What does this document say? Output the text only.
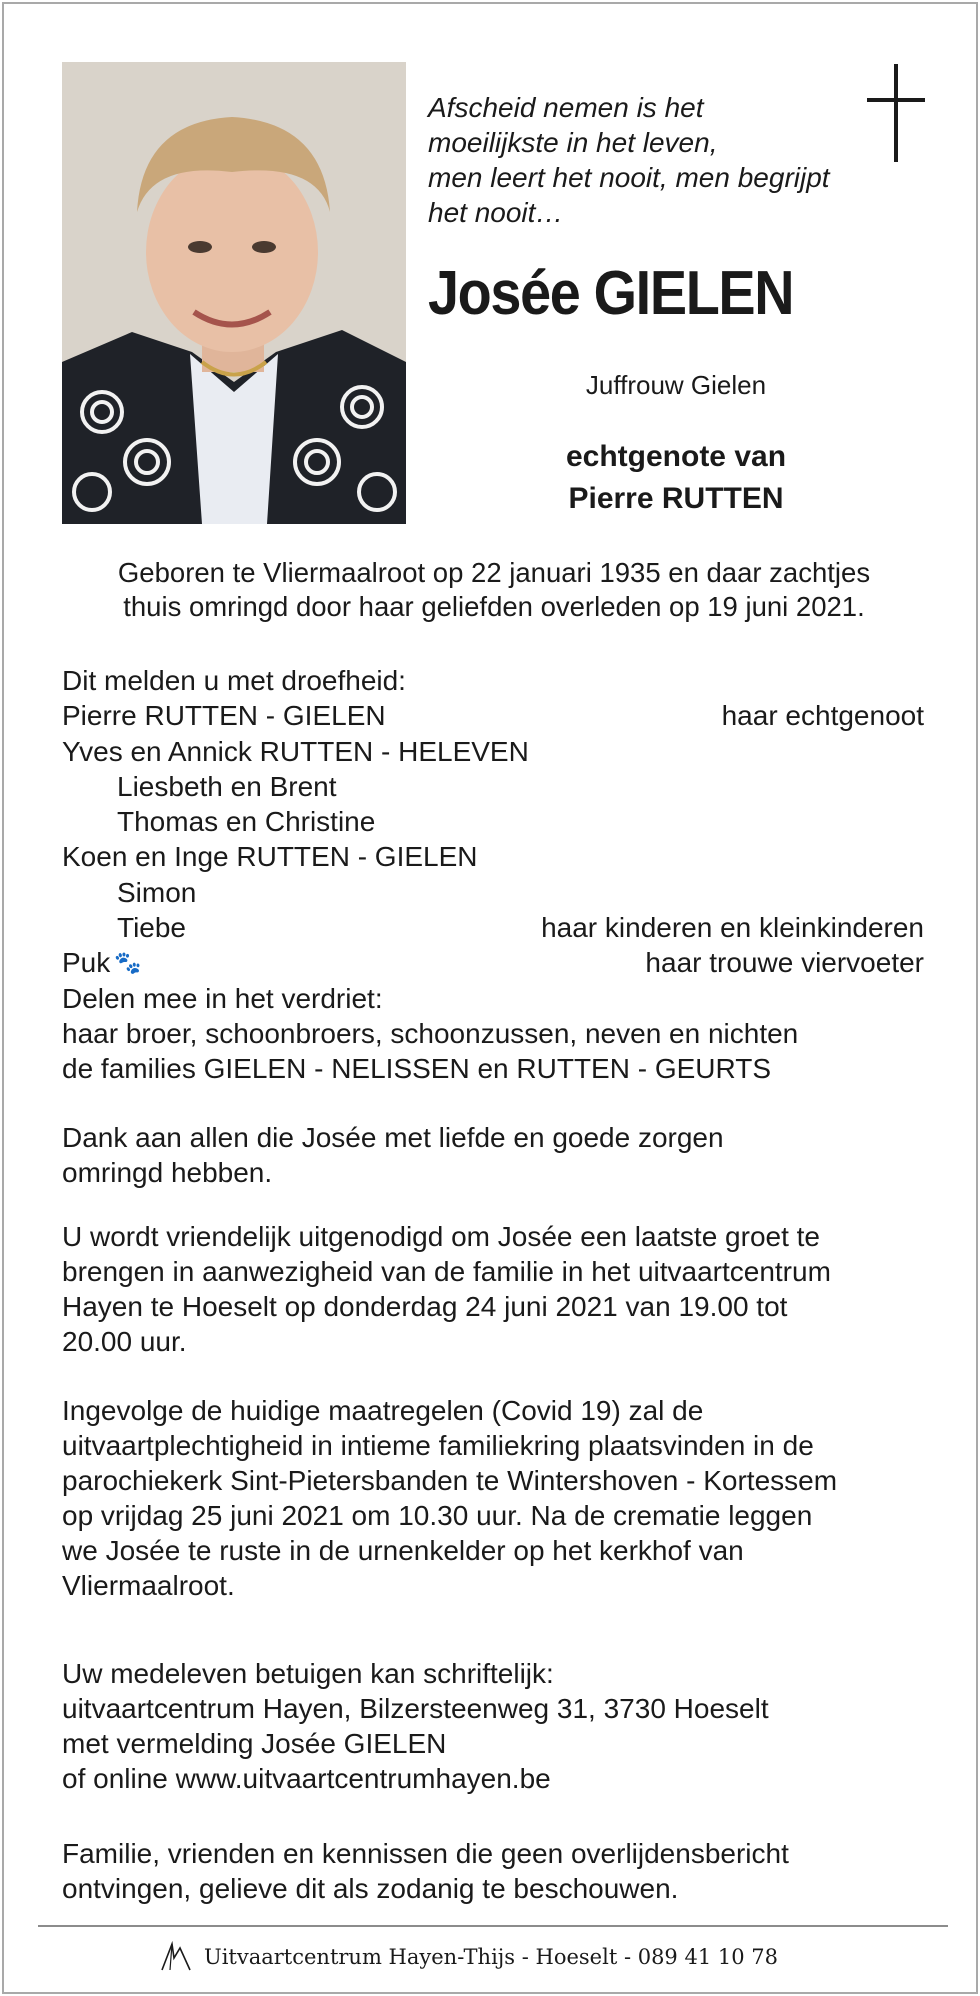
Afscheid nemen is het
moeilijkste in het leven,
men leert het nooit, men begrijpt
het nooit…
Josée GIELEN
Juffrouw Gielen
echtgenote van
Pierre RUTTEN
Geboren te Vliermaalroot op 22 januari 1935 en daar zachtjes
thuis omringd door haar geliefden overleden op 19 juni 2021.
Dit melden u met droefheid:
Pierre RUTTEN - GIELEN	haar echtgenoot
Yves en Annick RUTTEN - HELEVEN
Liesbeth en Brent
Thomas en Christine
Koen en Inge RUTTEN - GIELEN
Simon
Tiebe	haar kinderen en kleinkinderen
Puk 🐾	haar trouwe viervoeter
Delen mee in het verdriet:
haar broer, schoonbroers, schoonzussen, neven en nichten
de families GIELEN - NELISSEN en RUTTEN - GEURTS
Dank aan allen die Josée met liefde en goede zorgen
omringd hebben.
U wordt vriendelijk uitgenodigd om Josée een laatste groet te
brengen in aanwezigheid van de familie in het uitvaartcentrum
Hayen te Hoeselt op donderdag 24 juni 2021 van 19.00 tot
20.00 uur.
Ingevolge de huidige maatregelen (Covid 19) zal de
uitvaartplechtigheid in intieme familiekring plaatsvinden in de
parochiekerk Sint-Pietersbanden te Wintershoven - Kortessem
op vrijdag 25 juni 2021 om 10.30 uur. Na de crematie leggen
we Josée te ruste in de urnenkelder op het kerkhof van
Vliermaalroot.
Uw medeleven betuigen kan schriftelijk:
uitvaartcentrum Hayen, Bilzersteenweg 31, 3730 Hoeselt
met vermelding Josée GIELEN
of online www.uitvaartcentrumhayen.be
Familie, vrienden en kennissen die geen overlijdensbericht
ontvingen, gelieve dit als zodanig te beschouwen.
Uitvaartcentrum Hayen-Thijs - Hoeselt - 089 41 10 78
